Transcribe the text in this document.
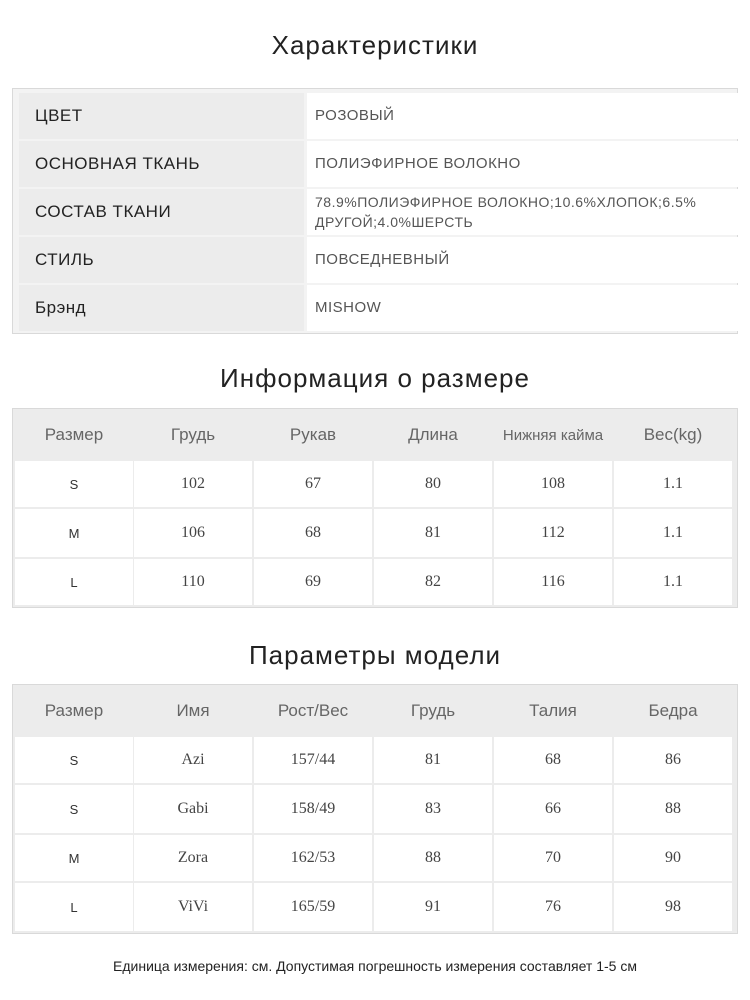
Характеристики
ЦВЕТ	РОЗОВЫЙ
ОСНОВНАЯ ТКАНЬ	ПОЛИЭФИРНОЕ ВОЛОКНО
СОСТАВ ТКАНИ	78.9%ПОЛИЭФИРНОЕ ВОЛОКНО;10.6%ХЛОПОК;6.5% ДРУГОЙ;4.0%ШЕРСТЬ
СТИЛЬ	ПОВСЕДНЕВНЫЙ
Брэнд	MISHOW
Информация о размере
Размер	Грудь	Рукав	Длина	Нижняя кайма	Вес(kg)
S	102	67	80	108	1.1
M	106	68	81	112	1.1
L	110	69	82	116	1.1
Параметры модели
Размер	Имя	Рост/Вес	Грудь	Талия	Бедра
S	Azi	157/44	81	68	86
S	Gabi	158/49	83	66	88
M	Zora	162/53	88	70	90
L	ViVi	165/59	91	76	98
Единица измерения: см. Допустимая погрешность измерения составляет 1-5 см
